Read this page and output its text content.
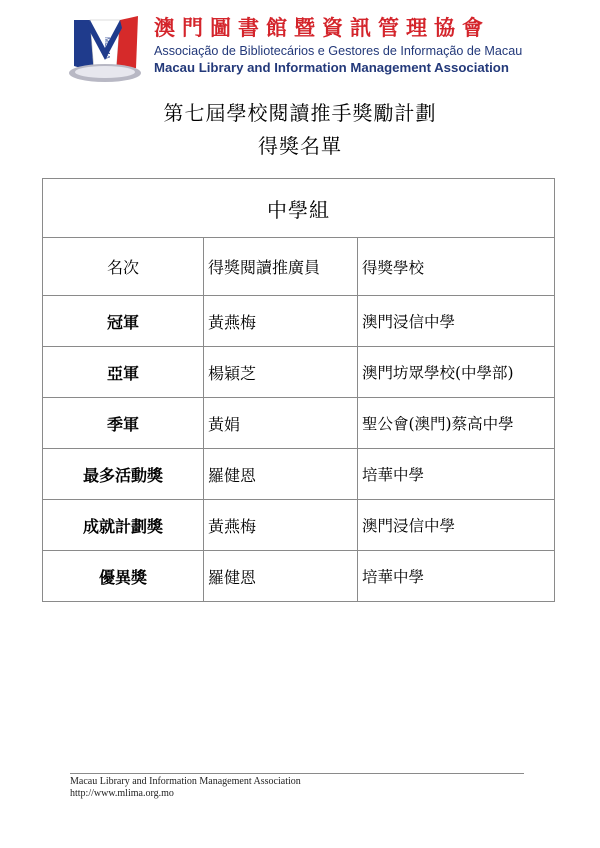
MLIMA
澳門圖書館暨資訊管理協會
Associação de Bibliotecários e Gestores de Informação de Macau
Macau Library and Information Management Association
第七屆學校閱讀推手獎勵計劃
得獎名單
中學組		
名次	得獎閱讀推廣員	得獎學校
冠軍	黃燕梅	澳門浸信中學
亞軍	楊穎芝	澳門坊眾學校(中學部)
季軍	黃娟	聖公會(澳門)蔡高中學
最多活動獎	羅健恩	培華中學
成就計劃獎	黃燕梅	澳門浸信中學
優異獎	羅健恩	培華中學
Macau Library and Information Management Association
http://www.mlima.org.mo
